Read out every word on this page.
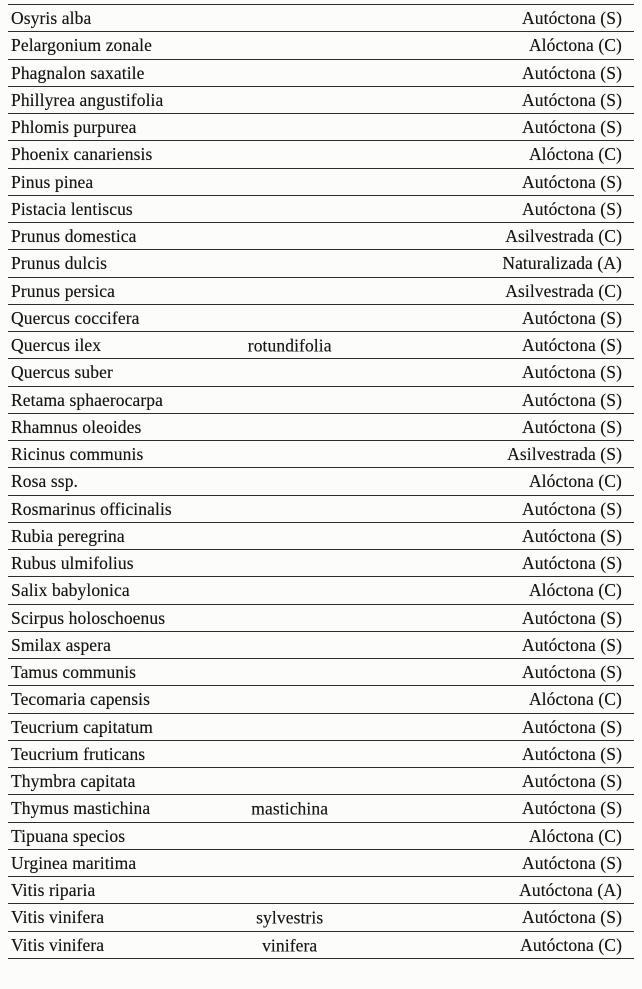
Osyris alba	Autóctona (S)
Pelargonium zonale	Alóctona (C)
Phagnalon saxatile	Autóctona (S)
Phillyrea angustifolia	Autóctona (S)
Phlomis purpurea	Autóctona (S)
Phoenix canariensis	Alóctona (C)
Pinus pinea	Autóctona (S)
Pistacia lentiscus	Autóctona (S)
Prunus domestica	Asilvestrada (C)
Prunus dulcis	Naturalizada (A)
Prunus persica	Asilvestrada (C)
Quercus coccifera	Autóctona (S)
Quercus ilex	rotundifolia	Autóctona (S)
Quercus suber	Autóctona (S)
Retama sphaerocarpa	Autóctona (S)
Rhamnus oleoides	Autóctona (S)
Ricinus communis	Asilvestrada (S)
Rosa ssp.	Alóctona (C)
Rosmarinus officinalis	Autóctona (S)
Rubia peregrina	Autóctona (S)
Rubus ulmifolius	Autóctona (S)
Salix babylonica	Alóctona (C)
Scirpus holoschoenus	Autóctona (S)
Smilax aspera	Autóctona (S)
Tamus communis	Autóctona (S)
Tecomaria capensis	Alóctona (C)
Teucrium capitatum	Autóctona (S)
Teucrium fruticans	Autóctona (S)
Thymbra capitata	Autóctona (S)
Thymus mastichina	mastichina	Autóctona (S)
Tipuana specios	Alóctona (C)
Urginea maritima	Autóctona (S)
Vitis riparia	Autóctona (A)
Vitis vinifera	sylvestris	Autóctona (S)
Vitis vinifera	vinifera	Autóctona (C)
